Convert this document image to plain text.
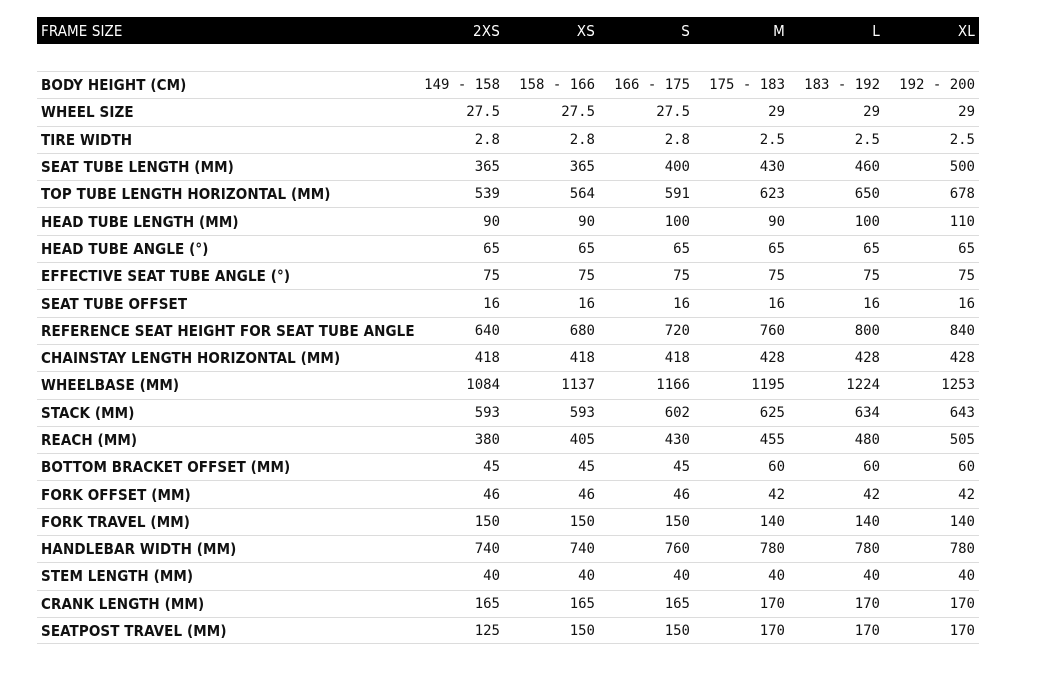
FRAME SIZE	2XS	XS	S	M	L	XL
BODY HEIGHT (CM)	149 - 158	158 - 166	166 - 175	175 - 183	183 - 192	192 - 200
WHEEL SIZE	27.5	27.5	27.5	29	29	29
TIRE WIDTH	2.8	2.8	2.8	2.5	2.5	2.5
SEAT TUBE LENGTH (MM)	365	365	400	430	460	500
TOP TUBE LENGTH HORIZONTAL (MM)	539	564	591	623	650	678
HEAD TUBE LENGTH (MM)	90	90	100	90	100	110
HEAD TUBE ANGLE (°)	65	65	65	65	65	65
EFFECTIVE SEAT TUBE ANGLE (°)	75	75	75	75	75	75
SEAT TUBE OFFSET	16	16	16	16	16	16
REFERENCE SEAT HEIGHT FOR SEAT TUBE ANGLE	640	680	720	760	800	840
CHAINSTAY LENGTH HORIZONTAL (MM)	418	418	418	428	428	428
WHEELBASE (MM)	1084	1137	1166	1195	1224	1253
STACK (MM)	593	593	602	625	634	643
REACH (MM)	380	405	430	455	480	505
BOTTOM BRACKET OFFSET (MM)	45	45	45	60	60	60
FORK OFFSET (MM)	46	46	46	42	42	42
FORK TRAVEL (MM)	150	150	150	140	140	140
HANDLEBAR WIDTH (MM)	740	740	760	780	780	780
STEM LENGTH (MM)	40	40	40	40	40	40
CRANK LENGTH (MM)	165	165	165	170	170	170
SEATPOST TRAVEL (MM)	125	150	150	170	170	170
